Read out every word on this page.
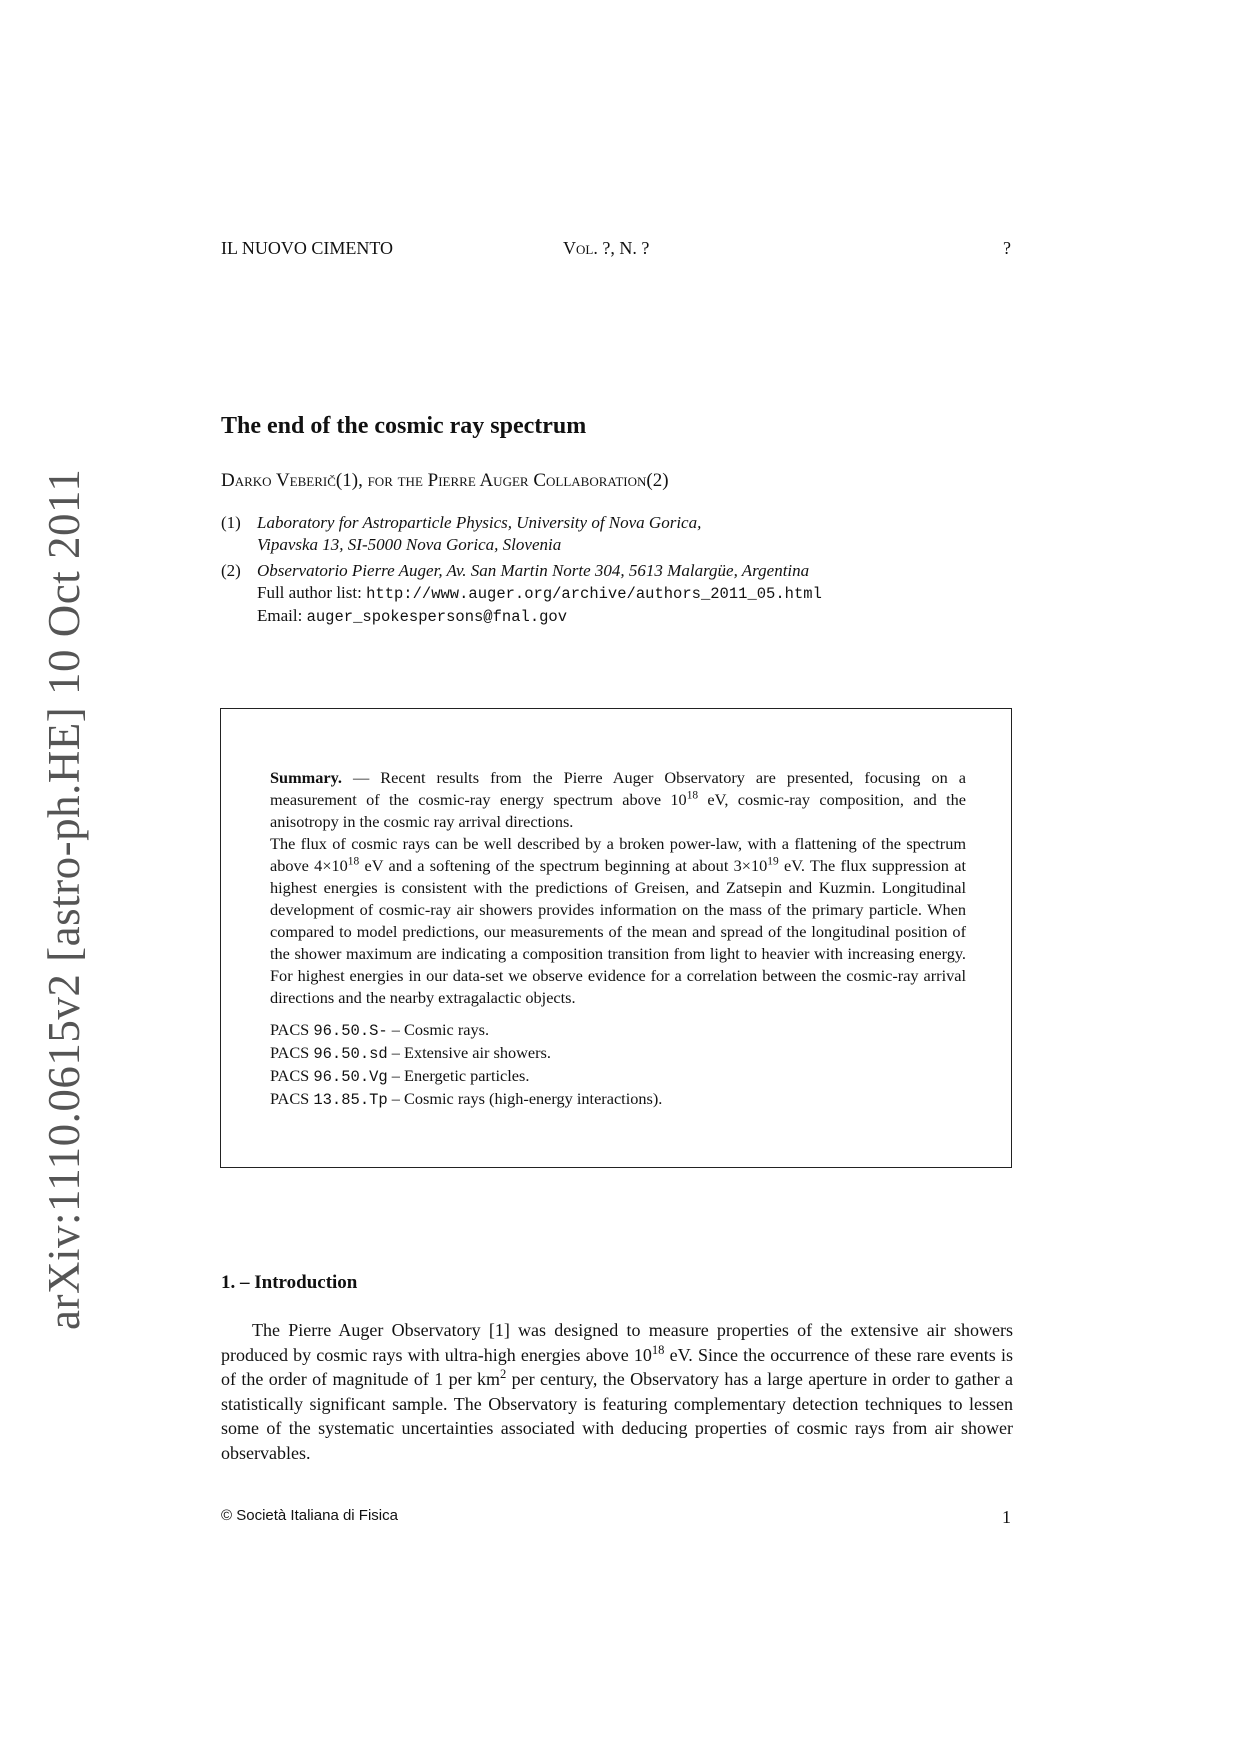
arXiv:1110.0615v2 [astro-ph.HE] 10 Oct 2011
IL NUOVO CIMENTO	Vol. ?, N. ?	?
The end of the cosmic ray spectrum
Darko Veberič(1), for the Pierre Auger Collaboration(2)
(1) Laboratory for Astroparticle Physics, University of Nova Gorica,
Vipavska 13, SI-5000 Nova Gorica, Slovenia
(2) Observatorio Pierre Auger, Av. San Martin Norte 304, 5613 Malargüe, Argentina
Full author list: http://www.auger.org/archive/authors_2011_05.html
Email: auger_spokespersons@fnal.gov

Summary. — Recent results from the Pierre Auger Observatory are presented, focusing on a measurement of the cosmic-ray energy spectrum above $10^{18}$ eV, cosmic-ray composition, and the anisotropy in the cosmic ray arrival directions.

The flux of cosmic rays can be well described by a broken power-law, with a flattening of the spectrum above $4\times 10^{18}$ eV and a softening of the spectrum beginning at about $3\times 10^{19}$ eV. The flux suppression at highest energies is consistent with the predictions of Greisen, and Zatsepin and Kuzmin. Longitudinal development of cosmic-ray air showers provides information on the mass of the primary particle. When compared to model predictions, our measurements of the mean and spread of the longitudinal position of the shower maximum are indicating a composition transition from light to heavier with increasing energy. For highest energies in our data-set we observe evidence for a correlation between the cosmic-ray arrival directions and the nearby extragalactic objects.

PACS 96.50.S- – Cosmic rays.
PACS 96.50.sd – Extensive air showers.
PACS 96.50.Vg – Energetic particles.
PACS 13.85.Tp – Cosmic rays (high-energy interactions).

1. – Introduction

The Pierre Auger Observatory [1] was designed to measure properties of the extensive air showers produced by cosmic rays with ultra-high energies above $10^{18}$ eV. Since the occurrence of these rare events is of the order of magnitude of 1 per $km^2$ per century, the Observatory has a large aperture in order to gather a statistically significant sample. The Observatory is featuring complementary detection techniques to lessen some of the systematic uncertainties associated with deducing properties of cosmic rays from air shower observables.

© Società Italiana di Fisica	1
